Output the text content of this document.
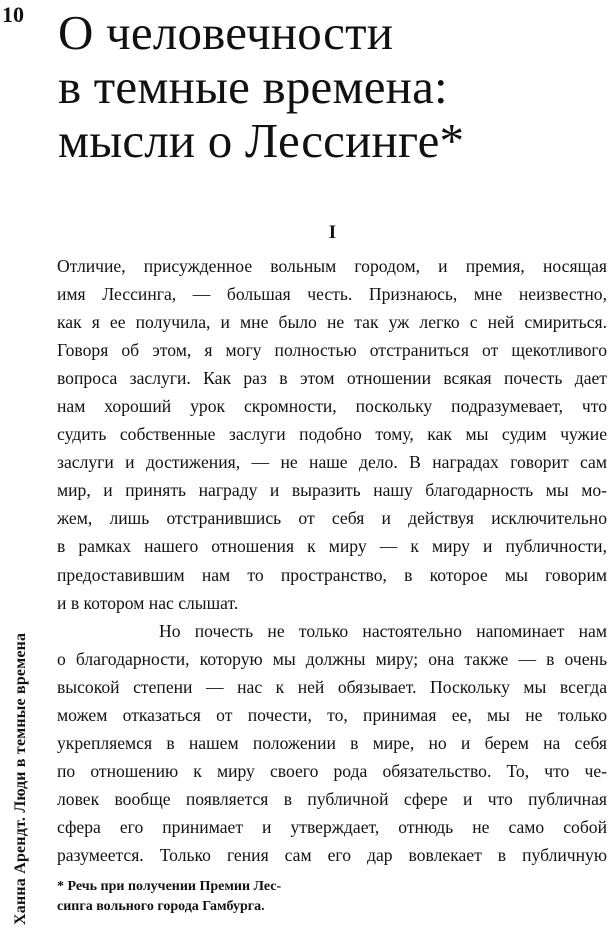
10 О человечности
в темные времена:
мысли о Лессинге*
I
Отличие, присужденное вольным городом, и премия, носящая
имя Лессинга, — большая честь. Признаюсь, мне неизвестно,
как я ее получила, и мне было не так уж легко с ней смириться.
Говоря об этом, я могу полностью отстраниться от щекотливого
вопроса заслуги. Как раз в этом отношении всякая почесть дает
нам хороший урок скромности, поскольку подразумевает, что
судить собственные заслуги подобно тому, как мы судим чужие
заслуги и достижения, — не наше дело. В наградах говорит сам
мир, и принять награду и выразить нашу благодарность мы мо-
жем, лишь отстранившись от себя и действуя исключительно
в рамках нашего отношения к миру — к миру и публичности,
предоставившим нам то пространство, в которое мы говорим
и в котором нас слышат.
Но почесть не только настоятельно напоминает нам
о благодарности, которую мы должны миру; она также — в очень
высокой степени — нас к ней обязывает. Поскольку мы всегда
можем отказаться от почести, то, принимая ее, мы не только
укрепляемся в нашем положении в мире, но и берем на себя
по отношению к миру своего рода обязательство. То, что че-
ловек вообще появляется в публичной сфере и что публичная
сфера его принимает и утверждает, отнюдь не само собой
разумеется. Только гения сам его дар вовлекает в публичную
Ханна Арендт. Люди в темные времена * Речь при получении Премии Лес-
сипга вольного города Гамбурга.
